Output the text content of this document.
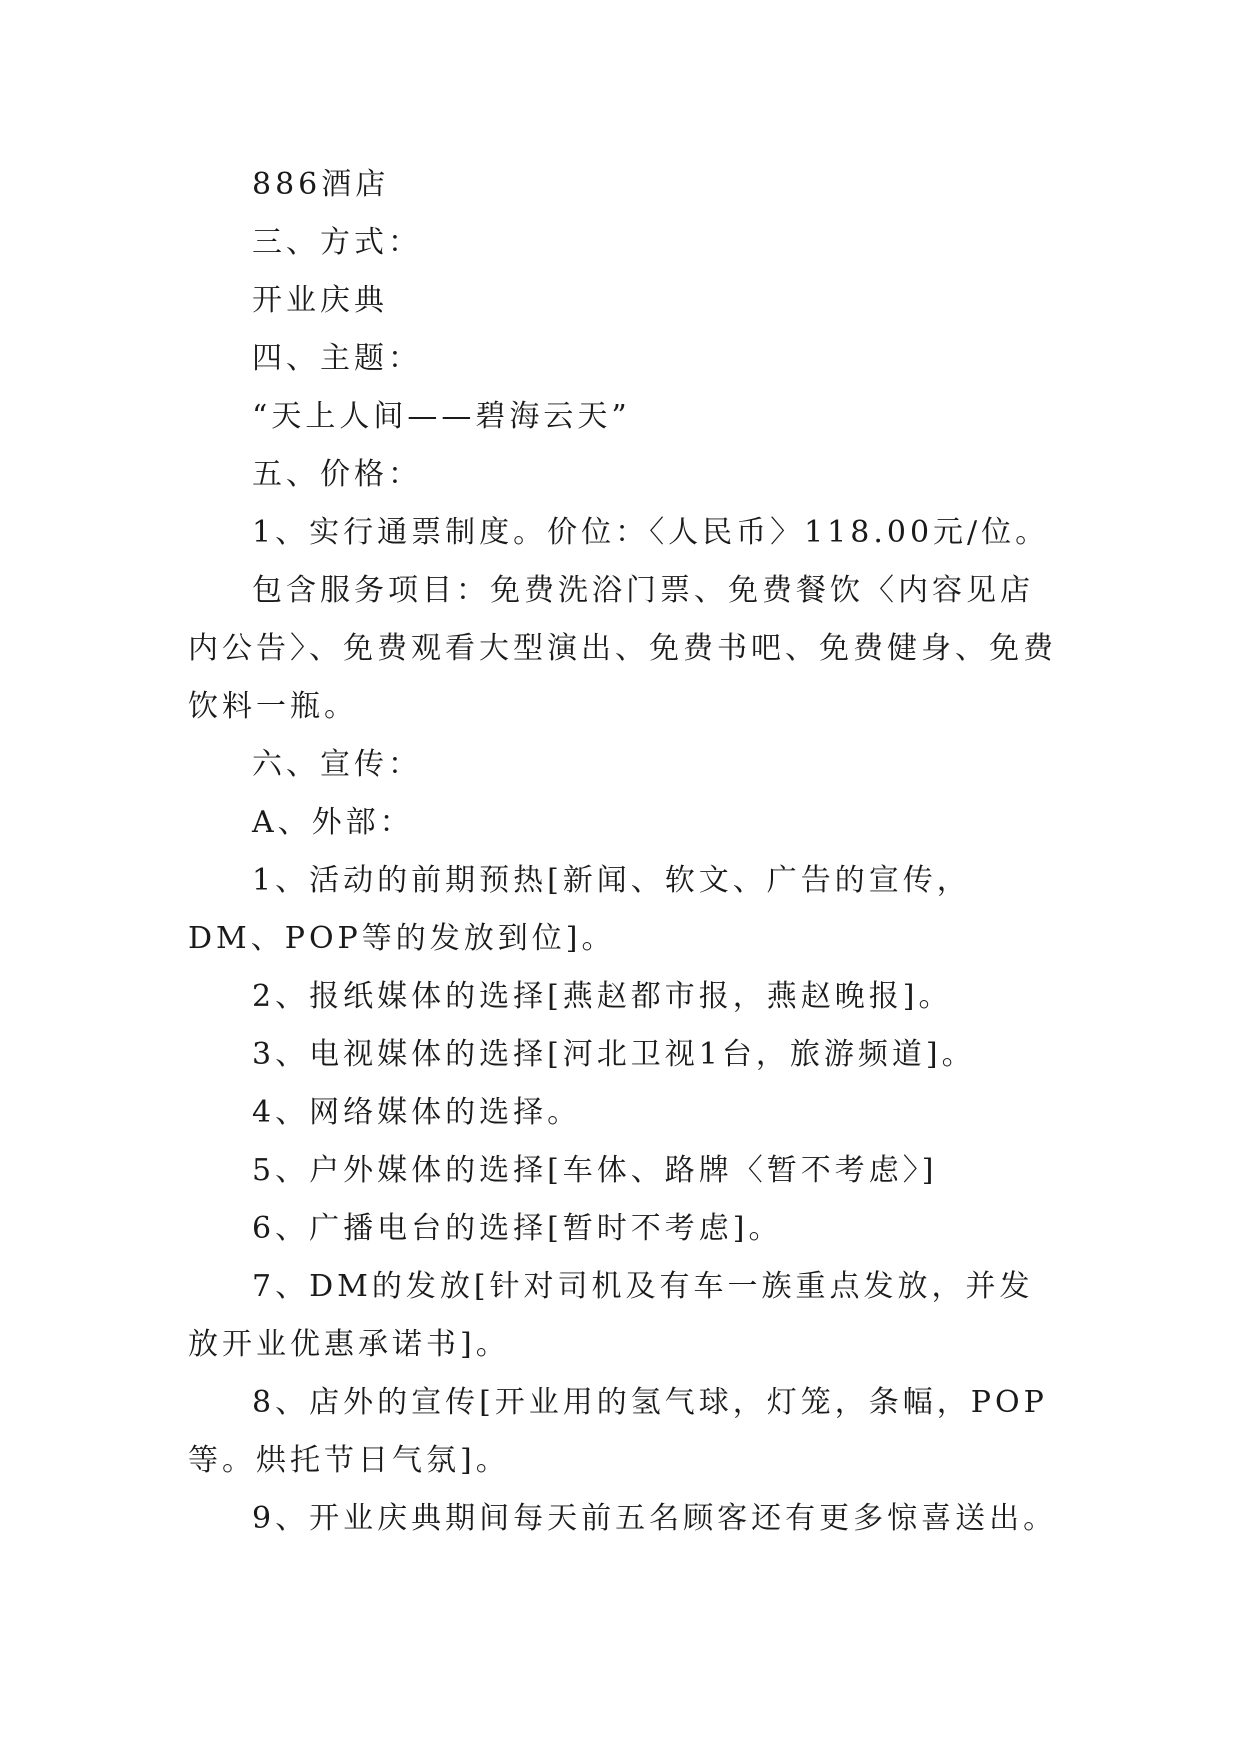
886酒店

三、方式：

开业庆典

四、主题：

“天上人间——碧海云天”

五、价格：

1、实行通票制度。价位：〈人民币〉118.00元/位。

包含服务项目：免费洗浴门票、免费餐饮〈内容见店内公告〉、免费观看大型演出、免费书吧、免费健身、免费饮料一瓶。

六、宣传：

A、外部：

1、活动的前期预热[新闻、软文、广告的宣传，DM、POP等的发放到位]。

2、报纸媒体的选择[燕赵都市报，燕赵晚报]。

3、电视媒体的选择[河北卫视1台，旅游频道]。

4、网络媒体的选择。

5、户外媒体的选择[车体、路牌〈暂不考虑〉]

6、广播电台的选择[暂时不考虑]。

7、DM的发放[针对司机及有车一族重点发放，并发放开业优惠承诺书]。

8、店外的宣传[开业用的氢气球，灯笼，条幅，POP等。烘托节日气氛]。

9、开业庆典期间每天前五名顾客还有更多惊喜送出。
